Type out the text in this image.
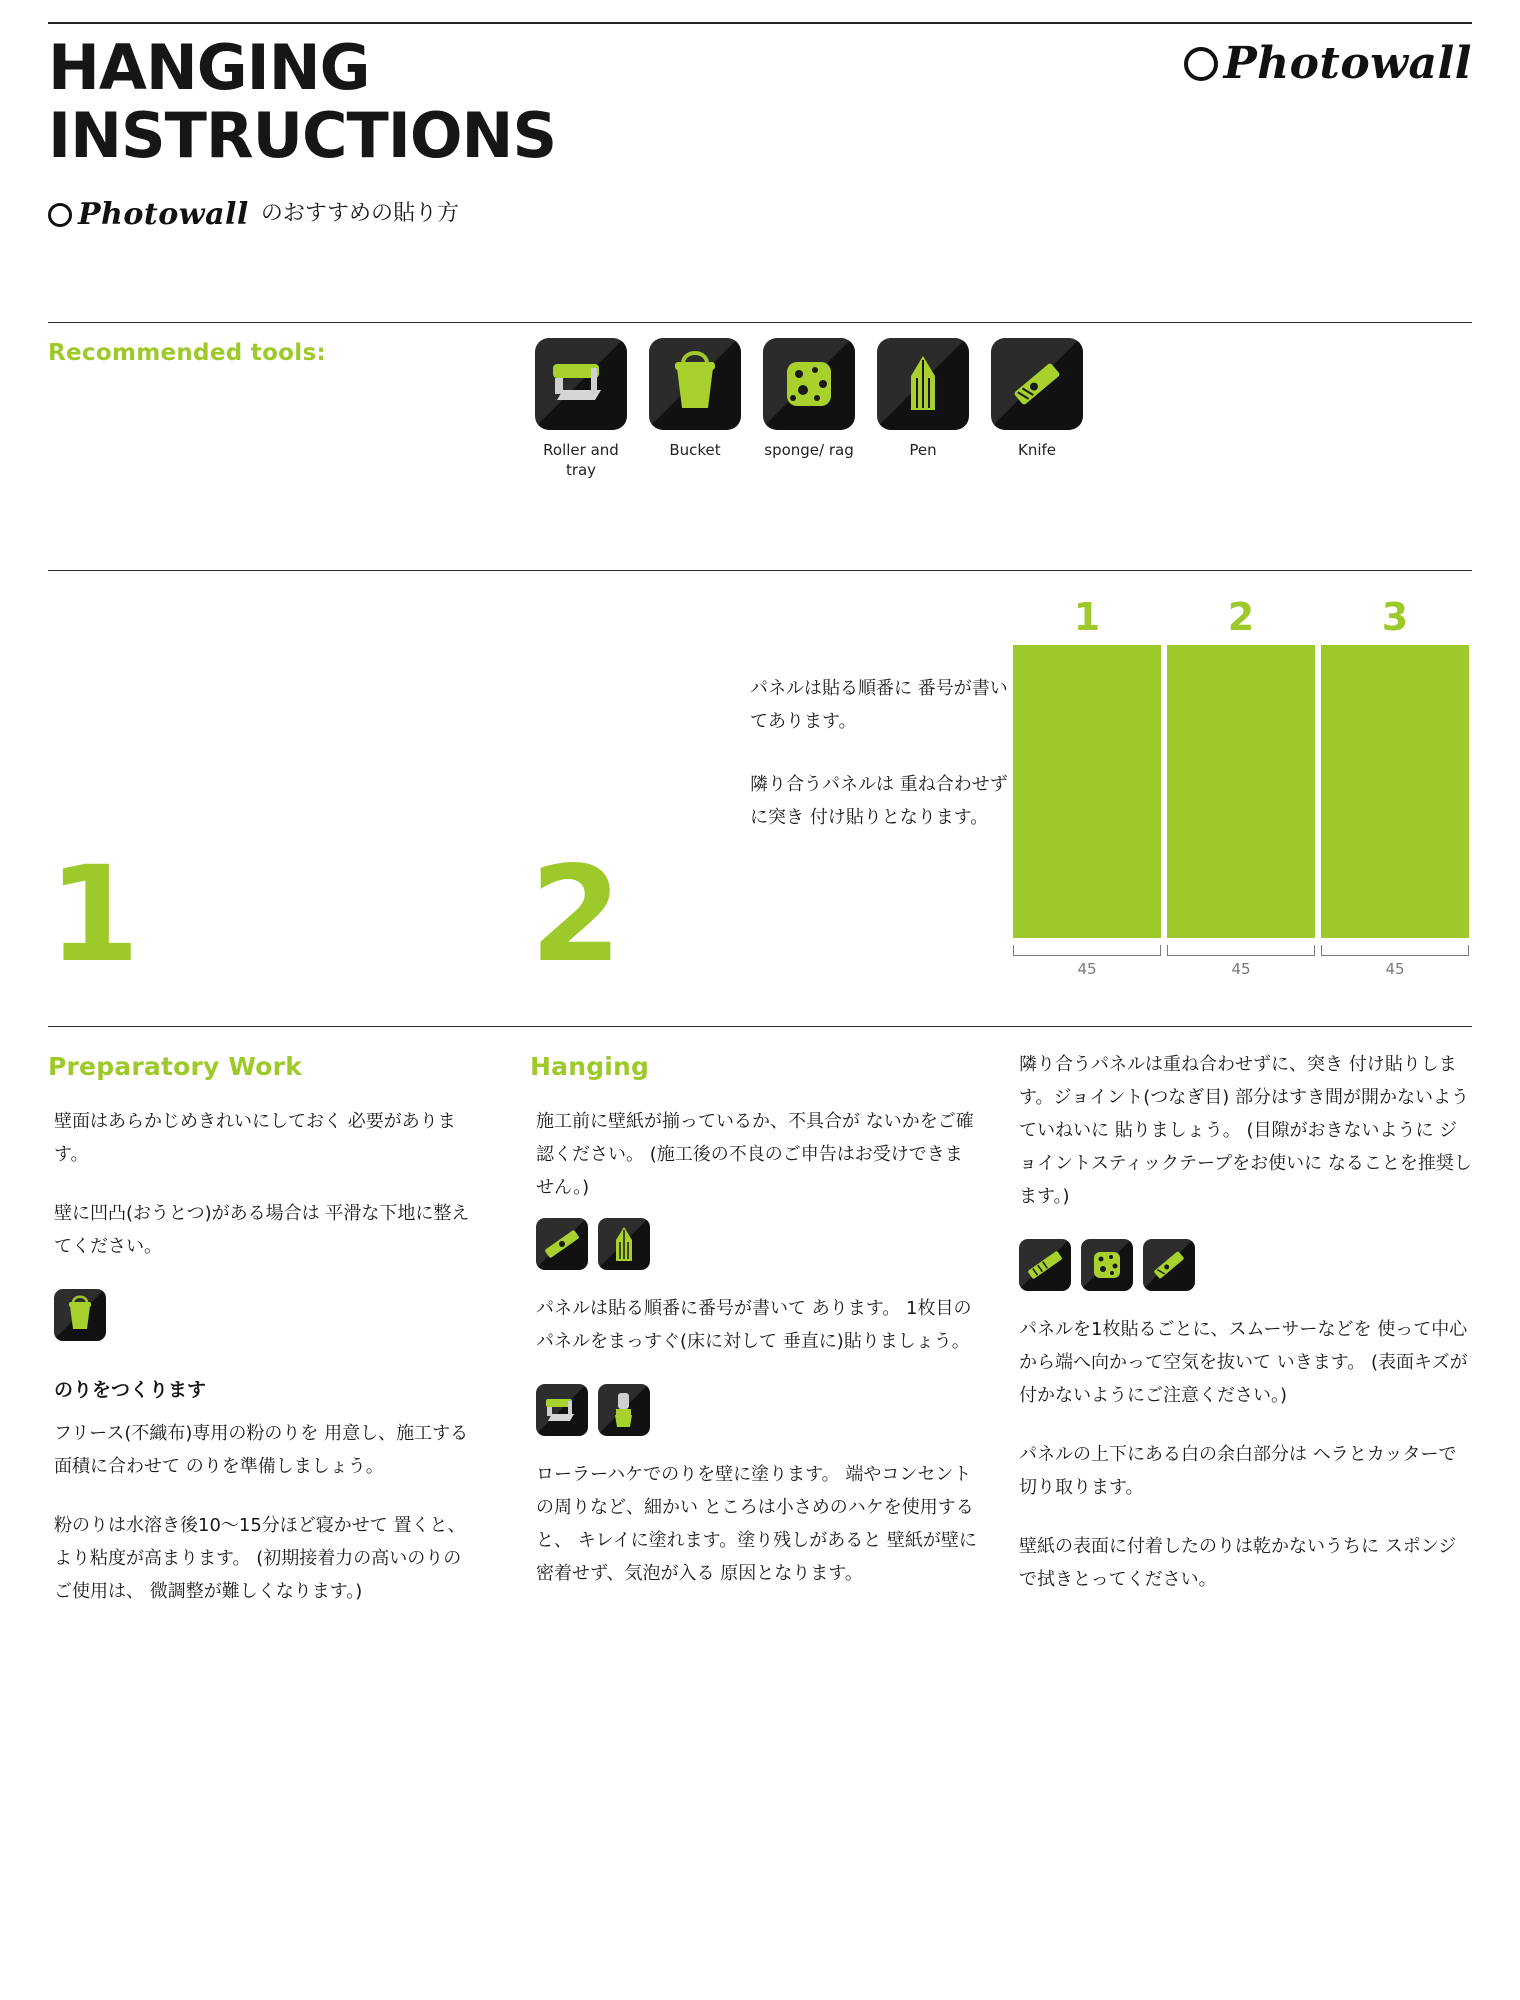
HANGING
INSTRUCTIONS
Photowall のおすすめの貼り方
Photowall
Recommended tools:
Roller and tray
Bucket	sponge/ rag	Pen	Knife
パネルは貼る順番に 番号が書いてあります。
隣り合うパネルは 重ね合わせずに突き 付け貼りとなります。
1	2	3
45	45	45
1	2
Preparatory Work
壁面はあらかじめきれいにしておく 必要があります。
壁に凹凸(おうとつ)がある場合は 平滑な下地に整えてください。
のりをつくります
フリース(不織布)専用の粉のりを 用意し、施工する面積に合わせて のりを準備しましょう。
粉のりは水溶き後10〜15分ほど寝かせて 置くと、より粘度が高まります。 (初期接着力の高いのりのご使用は、 微調整が難しくなります。)
Hanging
施工前に壁紙が揃っているか、不具合が ないかをご確認ください。 (施工後の不良のご申告はお受けできません。)
パネルは貼る順番に番号が書いて あります。 1枚目のパネルをまっすぐ(床に対して 垂直に)貼りましょう。
ローラーハケでのりを壁に塗ります。 端やコンセントの周りなど、細かい ところは小さめのハケを使用すると、 キレイに塗れます。塗り残しがあると 壁紙が壁に密着せず、気泡が入る 原因となります。
隣り合うパネルは重ね合わせずに、突き 付け貼りします。ジョイント(つなぎ目) 部分はすき間が開かないようていねいに 貼りましょう。 (目隙がおきないように ジョイントスティックテープをお使いに なることを推奨します。)
パネルを1枚貼るごとに、スムーサーなどを 使って中心から端へ向かって空気を抜いて いきます。 (表面キズが付かないようにご注意ください。)
パネルの上下にある白の余白部分は ヘラとカッターで切り取ります。
壁紙の表面に付着したのりは乾かないうちに スポンジで拭きとってください。
